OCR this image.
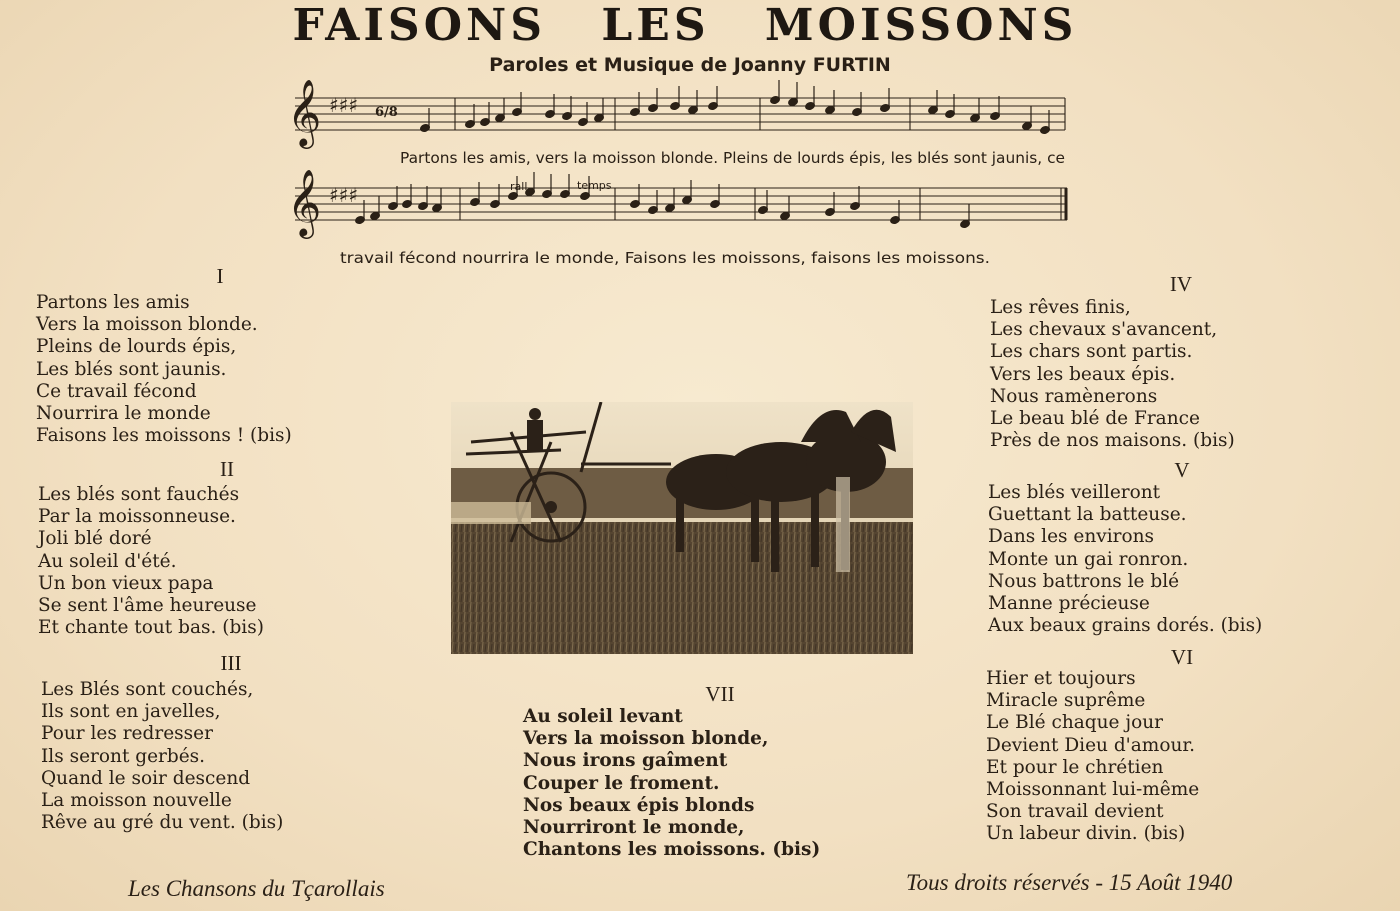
FAISONS LES MOISSONS
Paroles et Musique de Joanny FURTIN
𝄞
𝄞
♯♯♯
♯♯♯
6/8
rall.	temps
Partons les amis, vers la moisson blonde. Pleins de lourds épis, les blés sont jaunis, ce
travail fécond nourrira le monde, Faisons les moissons, faisons les moissons.
I
Partons les amis
Vers la moisson blonde.
Pleins de lourds épis,
Les blés sont jaunis.
Ce travail fécond
Nourrira le monde
Faisons les moissons ! (bis)
II
Les blés sont fauchés
Par la moissonneuse.
Joli blé doré
Au soleil d'été.
Un bon vieux papa
Se sent l'âme heureuse
Et chante tout bas. (bis)
III
Les Blés sont couchés,
Ils sont en javelles,
Pour les redresser
Ils seront gerbés.
Quand le soir descend
La moisson nouvelle
Rêve au gré du vent. (bis)
IV
Les rêves finis,
Les chevaux s'avancent,
Les chars sont partis.
Vers les beaux épis.
Nous ramènerons
Le beau blé de France
Près de nos maisons. (bis)
V
Les blés veilleront
Guettant la batteuse.
Dans les environs
Monte un gai ronron.
Nous battrons le blé
Manne précieuse
Aux beaux grains dorés. (bis)
VI
Hier et toujours
Miracle suprême
Le Blé chaque jour
Devient Dieu d'amour.
Et pour le chrétien
Moissonnant lui-même
Son travail devient
Un labeur divin. (bis)
VII
Au soleil levant
Vers la moisson blonde,
Nous irons gaîment
Couper le froment.
Nos beaux épis blonds
Nourriront le monde,
Chantons les moissons. (bis)
Les Chansons du Tçarollais	Tous droits réservés - 15 Août 1940
